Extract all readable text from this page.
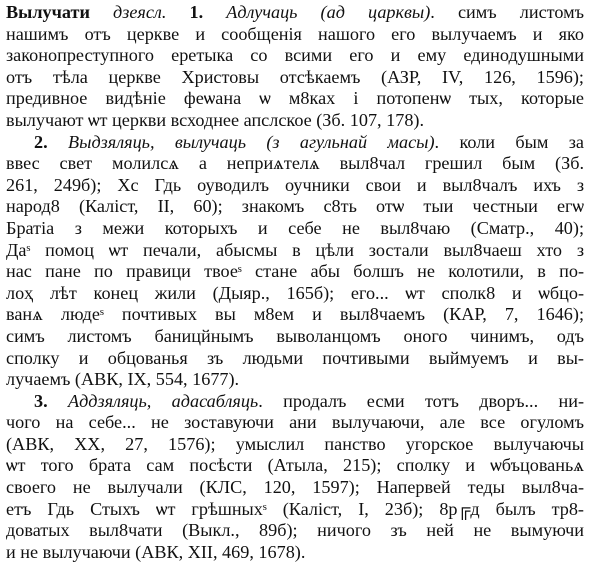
Вылучати дзеясл. 1. Адлучаць (ад царквы). симъ листомъ
нашимъ отъ церкве и сообщенія нашого его вылучаемъ и яко
законопреступного еретыка со всими его и ему единодушными
отъ тѣла церкве Христовы отсѣкаемъ (АЗР, IV, 126, 1596);
предивное видѣніе феѡана ѡ м8ках і потопенѡ тых, которые
вылучают ѡт церкви всходнее апслское (Зб. 107, 178).
2. Выдзяляць, вылучаць (з агульнай масы). коли бым за
ввес свет молилсѧ а неприѧтелѧ выл8чал грешил бым (Зб.
261, 249б); Хс Гдь оуводилъ оучники свои и выл8чалъ ихъ з
народ8 (Каліст, II, 60); знакомъ с8ть отѡ тыи честныи егѡ
Братіа з межи которыхъ и себе не выл8чаю (Сматр., 40);
Даˢ помоц ѡт печали, абысмы в цѣли зостали выл8чаеш хто з
нас пане по правици твоеˢ стане абы болшъ не колотили, в по-
лоҳ лѣт конец жили (Дыяр., 165б); его... ѡт сполк8 и ѡбцо-
ванѧ людеˢ почтивых вы м8ем и выл8чаемъ (КАР, 7, 1646);
симъ листомъ баницйнымъ выволанцомъ оного чинимъ, одъ
сполку и обцованья зъ людьми почтивыми выймуемъ и вы-
лучаемъ (АВК, IX, 554, 1677).
3. Аддзяляць, адасабляць. продалъ есми тотъ дворъ... ни-
чого на себе... не зоставуючи ани вылучаючи, але все огуломъ
(АВК, XX, 27, 1576); умыслил панство угорское вылучаючы
ѡт того брата сам посѣсти (Атыла, 215); сполку и ѡбъцованьѧ
своего не вылучали (КЛС, 120, 1597); Напервей теды выл8ча-
етъ Гдь Стыхъ ѡт грѣшныхˢ (Каліст, I, 23б); 8р╔д былъ тр8-
доватых выл8чати (Выкл., 89б); ничого зъ ней не вымуючи
и не вылучаючи (АВК, XII, 469, 1678).
